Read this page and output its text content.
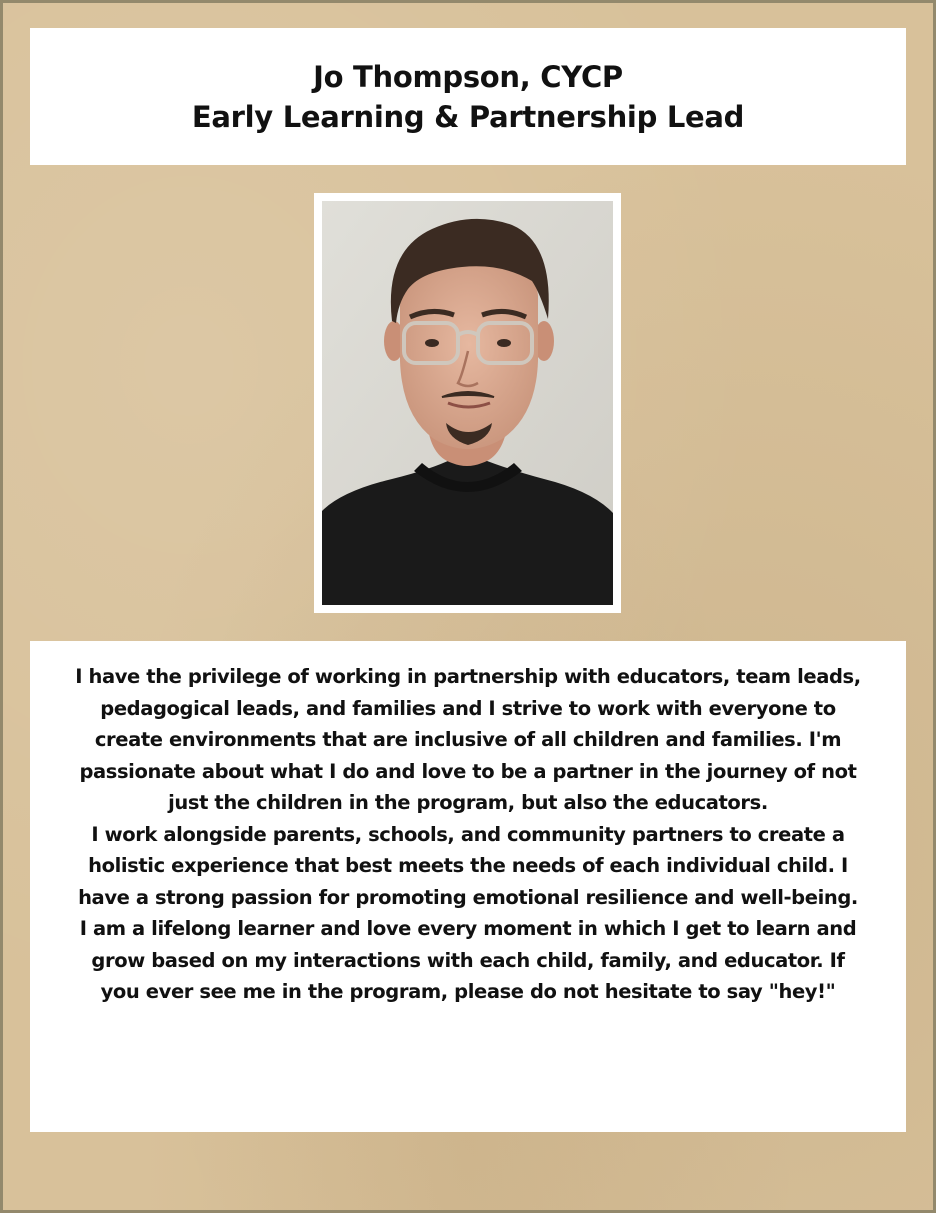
Jo Thompson, CYCP
Early Learning & Partnership Lead

I have the privilege of working in partnership with educators, team leads, pedagogical leads, and families and I strive to work with everyone to create environments that are inclusive of all children and families. I'm passionate about what I do and love to be a partner in the journey of not just the children in the program, but also the educators.

I work alongside parents, schools, and community partners to create a holistic experience that best meets the needs of each individual child. I have a strong passion for promoting emotional resilience and well-being.

I am a lifelong learner and love every moment in which I get to learn and grow based on my interactions with each child, family, and educator. If you ever see me in the program, please do not hesitate to say "hey!"
